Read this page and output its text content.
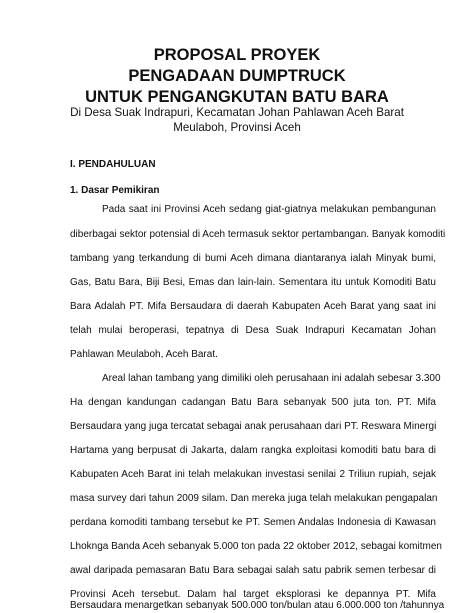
PROPOSAL PROYEK
PENGADAAN DUMPTRUCK
UNTUK PENGANGKUTAN BATU BARA
Di Desa Suak Indrapuri, Kecamatan Johan Pahlawan Aceh Barat
Meulaboh, Provinsi Aceh
I. PENDAHULUAN
1. Dasar Pemikiran
Pada saat ini Provinsi Aceh sedang giat-giatnya melakukan pembangunan
diberbagai sektor potensial di Aceh termasuk sektor pertambangan. Banyak komoditi
tambang yang terkandung di bumi Aceh dimana diantaranya ialah Minyak bumi,
Gas, Batu Bara, Biji Besi, Emas dan lain-lain. Sementara itu untuk Komoditi Batu
Bara Adalah PT. Mifa Bersaudara di daerah Kabupaten Aceh Barat yang saat ini
telah mulai beroperasi, tepatnya di Desa Suak Indrapuri Kecamatan Johan
Pahlawan Meulaboh, Aceh Barat.
Areal lahan tambang yang dimiliki oleh perusahaan ini adalah sebesar 3.300
Ha dengan kandungan cadangan Batu Bara sebanyak 500 juta ton. PT. Mifa
Bersaudara yang juga tercatat sebagai anak perusahaan dari PT. Reswara Minergi
Hartama yang berpusat di Jakarta, dalam rangka exploitasi komoditi batu bara di
Kabupaten Aceh Barat ini telah melakukan investasi senilai 2 Triliun rupiah, sejak
masa survey dari tahun 2009 silam. Dan mereka juga telah melakukan pengapalan
perdana komoditi tambang tersebut ke PT. Semen Andalas Indonesia di Kawasan
Lhoknga Banda Aceh sebanyak 5.000 ton pada 22 oktober 2012, sebagai komitmen
awal daripada pemasaran Batu Bara sebagai salah satu pabrik semen terbesar di
Provinsi Aceh tersebut. Dalam hal target eksplorasi ke depannya PT. Mifa
Bersaudara menargetkan sebanyak 500.000 ton/bulan atau 6.000.000 ton /tahunnya
